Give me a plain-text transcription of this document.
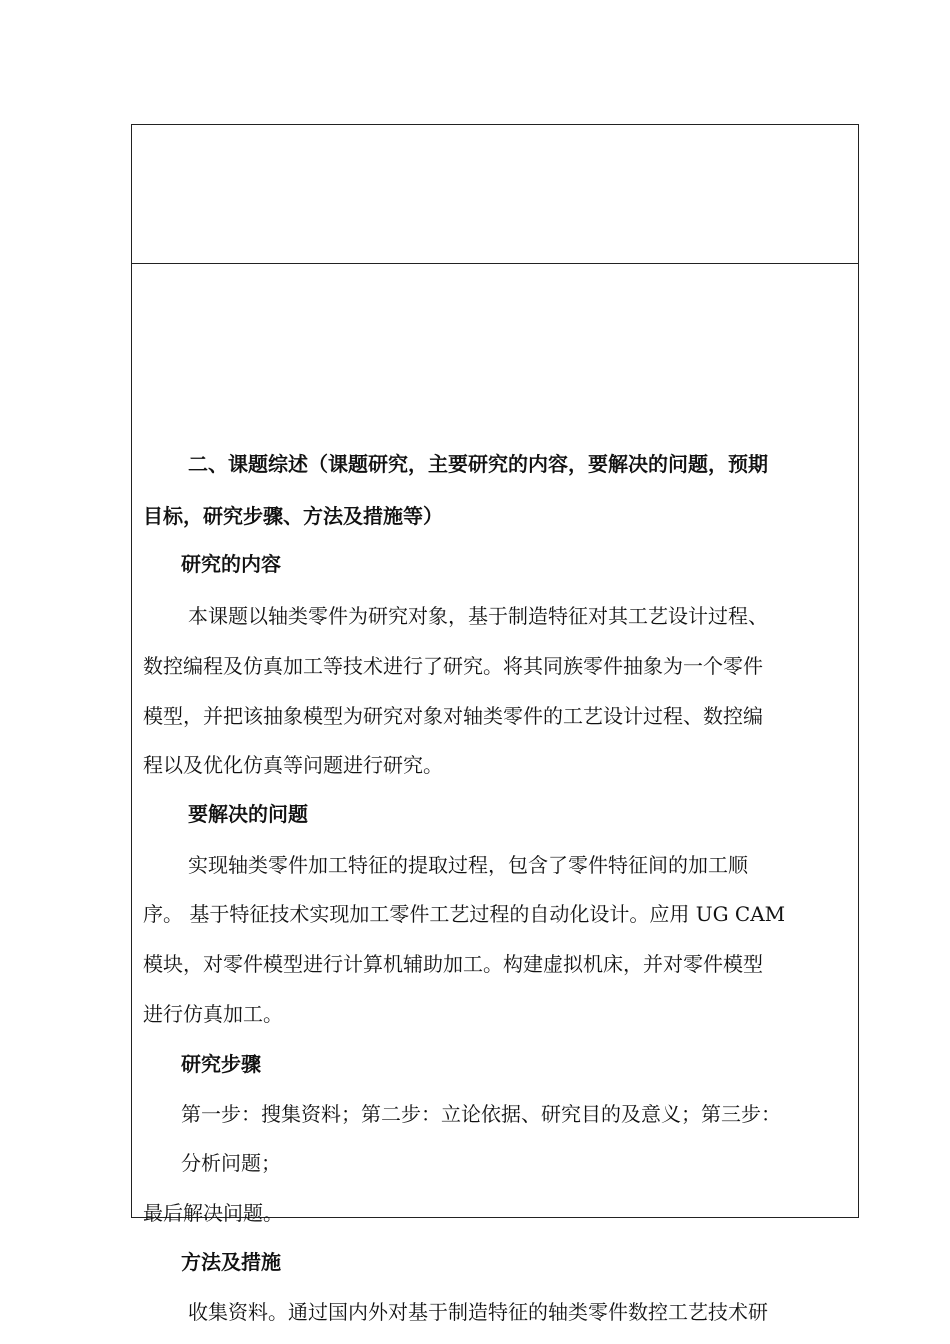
二、课题综述（课题研究，主要研究的内容，要解决的问题，预期
目标，研究步骤、方法及措施等）
研究的内容
本课题以轴类零件为研究对象，基于制造特征对其工艺设计过程、
数控编程及仿真加工等技术进行了研究。将其同族零件抽象为一个零件
模型，并把该抽象模型为研究对象对轴类零件的工艺设计过程、数控编
程以及优化仿真等问题进行研究。
要解决的问题
实现轴类零件加工特征的提取过程，包含了零件特征间的加工顺
序。 基于特征技术实现加工零件工艺过程的自动化设计。应用 UG CAM
模块，对零件模型进行计算机辅助加工。构建虚拟机床，并对零件模型
进行仿真加工。
研究步骤
第一步：搜集资料；第二步：立论依据、研究目的及意义；第三步：
分析问题；
最后解决问题。
方法及措施
收集资料。通过国内外对基于制造特征的轴类零件数控工艺技术研
